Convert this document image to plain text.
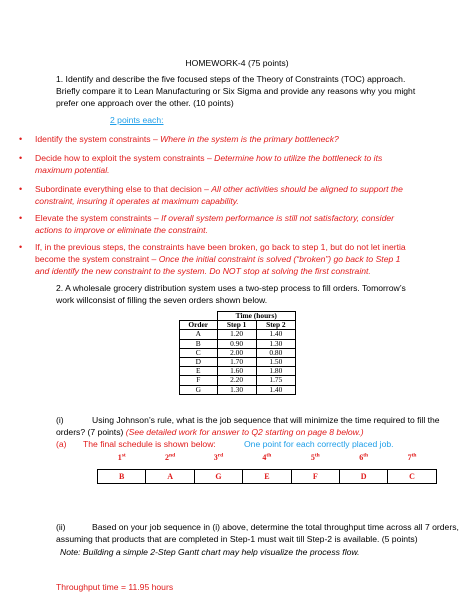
HOMEWORK-4 (75 points)
1. Identify and describe the five focused steps of the Theory of Constraints (TOC) approach.
Briefly compare it to Lean Manufacturing or Six Sigma and provide any reasons why you might
prefer one approach over the other. (10 points)
2 points each:
• Identify the system constraints – Where in the system is the primary bottleneck?
• Decide how to exploit the system constraints – Determine how to utilize the bottleneck to its
maximum potential.
• Subordinate everything else to that decision – All other activities should be aligned to support the
constraint, insuring it operates at maximum capability.
• Elevate the system constraints – If overall system performance is still not satisfactory, consider
actions to improve or eliminate the constraint.
• If, in the previous steps, the constraints have been broken, go back to step 1, but do not let inertia
become the system constraint – Once the initial constraint is solved (“broken”) go back to Step 1
and identify the new constraint to the system. Do NOT stop at solving the first constraint.
2. A wholesale grocery distribution system uses a two-step process to fill orders. Tomorrow’s
work willconsist of filling the seven orders shown below.
	Time (hours)	
Order	Step 1	Step 2
A	1.20	1.40
B	0.90	1.30
C	2.00	0.80
D	1.70	1.50
E	1.60	1.80
F	2.20	1.75
G	1.30	1.40
(i)	Using Johnson’s rule, what is the job sequence that will minimize the time required to fill the
orders? (7 points) (See detailed work for answer to Q2 starting on page 8 below.)
(a) The final schedule is shown below:	One point for each correctly placed job.
1st	2nd	3rd	4th	5th	6th	7th

B	A	G	E	F	D	C
(ii)	Based on your job sequence in (i) above, determine the total throughput time across all 7 orders,
assuming that products that are completed in Step-1 must wait till Step-2 is available. (5 points)
Note: Building a simple 2-Step Gantt chart may help visualize the process flow.
Throughput time = 11.95 hours
